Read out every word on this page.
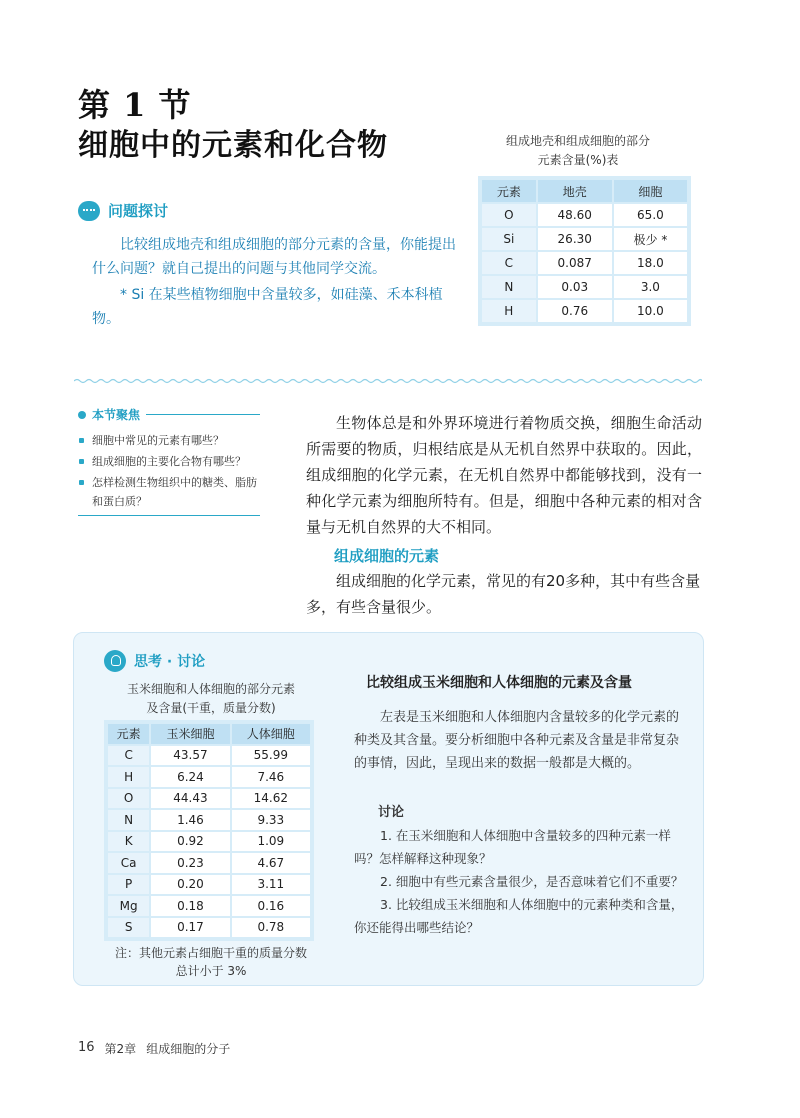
第 1 节
细胞中的元素和化合物
问题探讨

比较组成地壳和组成细胞的部分元素的含量，你能提出什么问题？就自己提出的问题与其他同学交流。

* Si 在某些植物细胞中含量较多，如硅藻、禾本科植物。

组成地壳和组成细胞的部分
元素含量(%)表
元素	地壳	细胞
O	48.60	65.0
Si	26.30	极少 *
C	0.087	18.0
N	0.03	3.0
H	0.76	10.0
本节聚焦
细胞中常见的元素有哪些？
组成细胞的主要化合物有哪些？
怎样检测生物组织中的糖类、脂肪和蛋白质？

生物体总是和外界环境进行着物质交换，细胞生命活动所需要的物质，归根结底是从无机自然界中获取的。因此，组成细胞的化学元素，在无机自然界中都能够找到，没有一种化学元素为细胞所特有。但是，细胞中各种元素的相对含量与无机自然界的大不相同。

组成细胞的元素

组成细胞的化学元素，常见的有20多种，其中有些含量多，有些含量很少。

思考 · 讨论
玉米细胞和人体细胞的部分元素
及含量(干重，质量分数)
元素	玉米细胞	人体细胞
C	43.57	55.99
H	6.24	7.46
O	44.43	14.62
N	1.46	9.33
K	0.92	1.09
Ca	0.23	4.67
P	0.20	3.11
Mg	0.18	0.16
S	0.17	0.78
注：其他元素占细胞干重的质量分数
总计小于 3%
比较组成玉米细胞和人体细胞的元素及含量

左表是玉米细胞和人体细胞内含量较多的化学元素的种类及其含量。要分析细胞中各种元素及含量是非常复杂的事情，因此，呈现出来的数据一般都是大概的。

讨论

1. 在玉米细胞和人体细胞中含量较多的四种元素一样吗？怎样解释这种现象？

2. 细胞中有些元素含量很少，是否意味着它们不重要？

3. 比较组成玉米细胞和人体细胞中的元素种类和含量，你还能得出哪些结论？

16 第2章 组成细胞的分子
